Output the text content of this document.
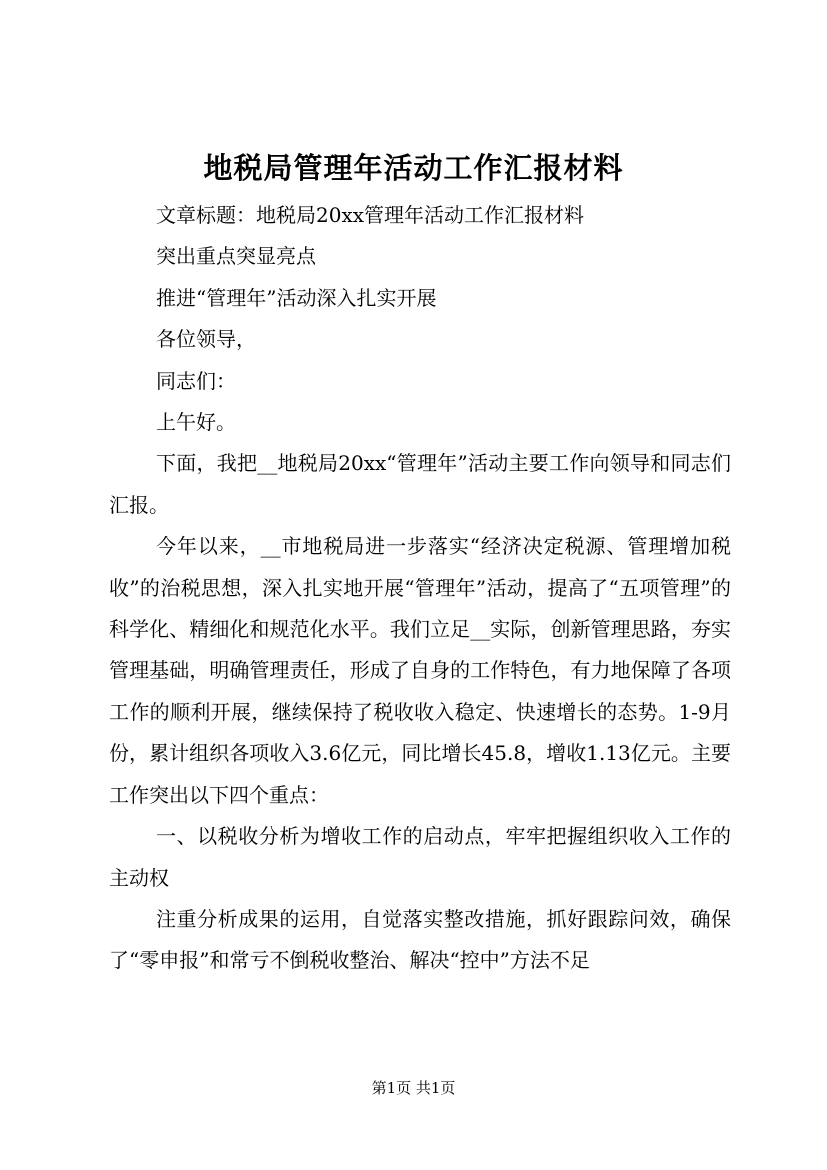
地税局管理年活动工作汇报材料

文章标题：地税局20xx管理年活动工作汇报材料

突出重点突显亮点

推进“管理年”活动深入扎实开展

各位领导，

同志们：

上午好。

下面，我把__地税局20xx“管理年”活动主要工作向领导和同志们汇报。

今年以来，__市地税局进一步落实“经济决定税源、管理增加税收”的治税思想，深入扎实地开展“管理年”活动，提高了“五项管理”的科学化、精细化和规范化水平。我们立足__实际，创新管理思路，夯实管理基础，明确管理责任，形成了自身的工作特色，有力地保障了各项工作的顺利开展，继续保持了税收收入稳定、快速增长的态势。1-9月份，累计组织各项收入3.6亿元，同比增长45.8，增收1.13亿元。主要工作突出以下四个重点：

一、以税收分析为增收工作的启动点，牢牢把握组织收入工作的主动权

注重分析成果的运用，自觉落实整改措施，抓好跟踪问效，确保了“零申报”和常亏不倒税收整治、解决“控中”方法不足

第1页 共1页
